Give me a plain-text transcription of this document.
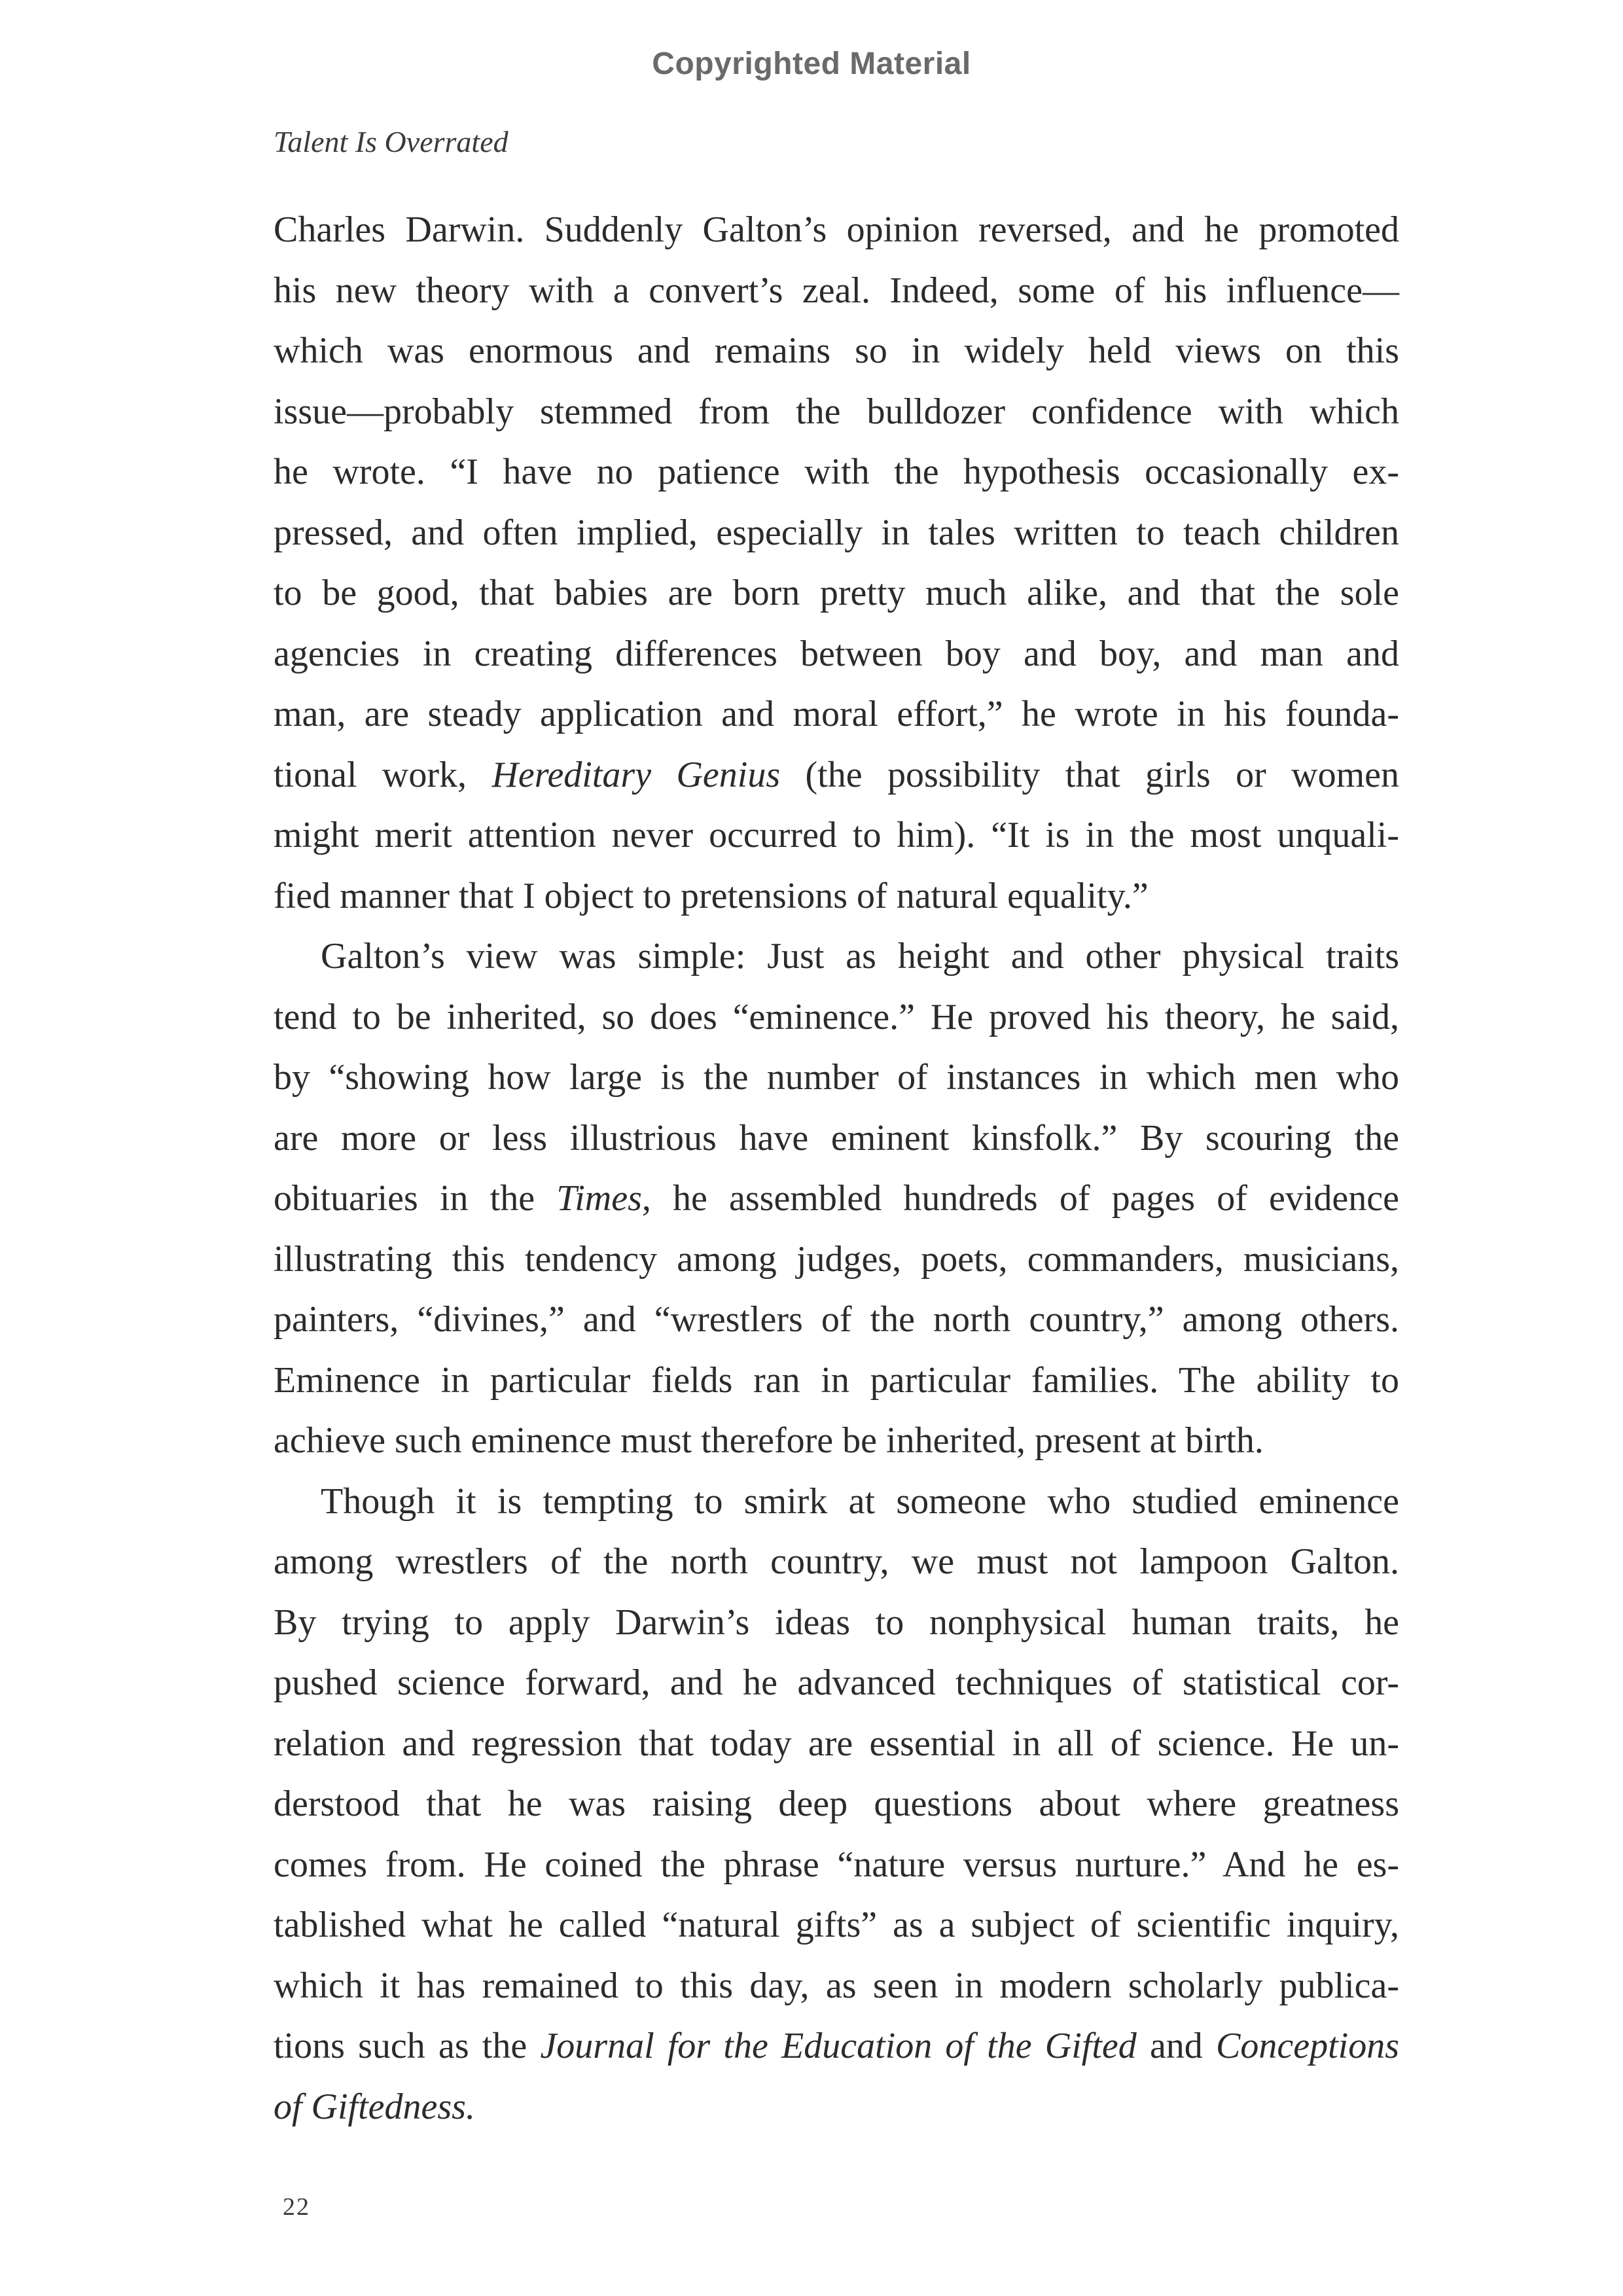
Copyrighted Material
Talent Is Overrated
Charles Darwin. Suddenly Galton’s opinion reversed, and he promoted
his new theory with a convert’s zeal. Indeed, some of his influence—
which was enormous and remains so in widely held views on this
issue—probably stemmed from the bulldozer confidence with which
he wrote. “I have no patience with the hypothesis occasionally ex-
pressed, and often implied, especially in tales written to teach children
to be good, that babies are born pretty much alike, and that the sole
agencies in creating differences between boy and boy, and man and
man, are steady application and moral effort,” he wrote in his founda-
tional work, Hereditary Genius (the possibility that girls or women
might merit attention never occurred to him). “It is in the most unquali-
fied manner that I object to pretensions of natural equality.”
Galton’s view was simple: Just as height and other physical traits
tend to be inherited, so does “eminence.” He proved his theory, he said,
by “showing how large is the number of instances in which men who
are more or less illustrious have eminent kinsfolk.” By scouring the
obituaries in the Times, he assembled hundreds of pages of evidence
illustrating this tendency among judges, poets, commanders, musicians,
painters, “divines,” and “wrestlers of the north country,” among others.
Eminence in particular fields ran in particular families. The ability to
achieve such eminence must therefore be inherited, present at birth.
Though it is tempting to smirk at someone who studied eminence
among wrestlers of the north country, we must not lampoon Galton.
By trying to apply Darwin’s ideas to nonphysical human traits, he
pushed science forward, and he advanced techniques of statistical cor-
relation and regression that today are essential in all of science. He un-
derstood that he was raising deep questions about where greatness
comes from. He coined the phrase “nature versus nurture.” And he es-
tablished what he called “natural gifts” as a subject of scientific inquiry,
which it has remained to this day, as seen in modern scholarly publica-
tions such as the Journal for the Education of the Gifted and Conceptions
of Giftedness.
22
